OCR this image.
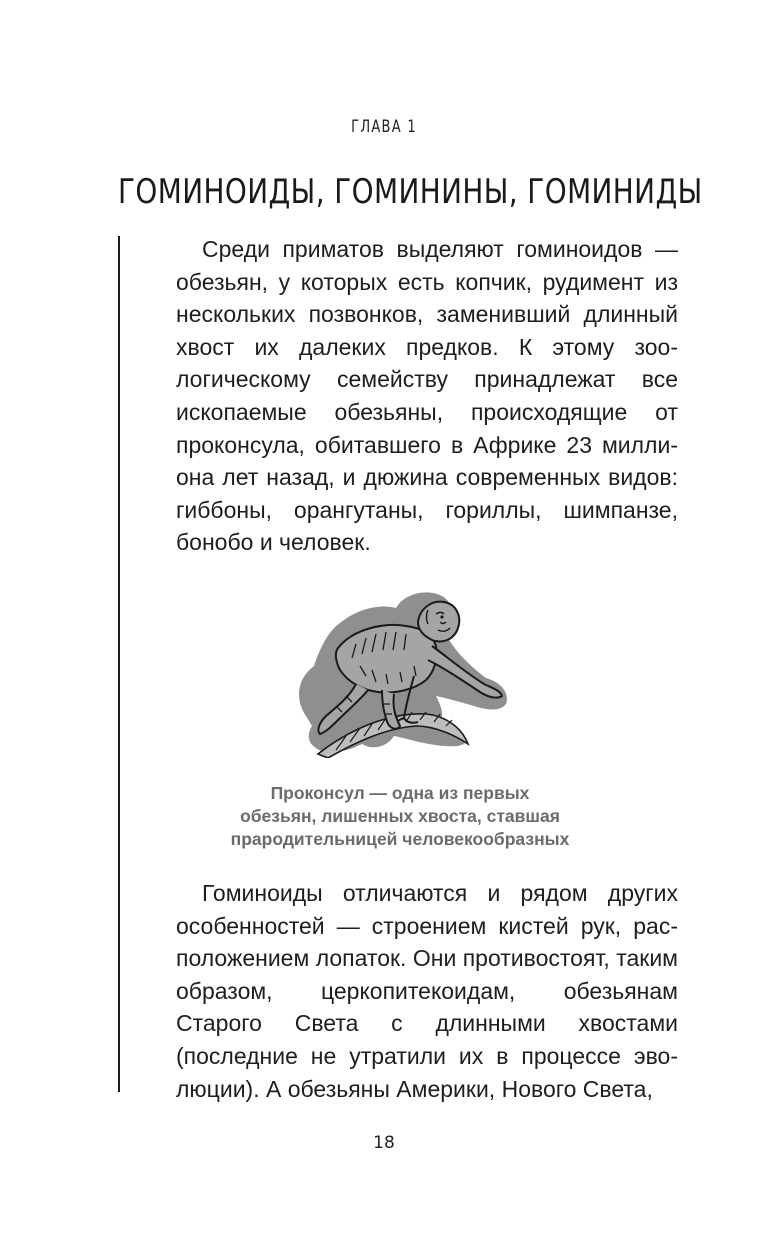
ГЛАВА 1
ГОМИНОИДЫ, ГОМИНИНЫ, ГОМИНИДЫ

Среди приматов выделяют гоминоидов — обезьян, у которых есть копчик, рудимент из нескольких позвонков, заменивший длинный хвост их далеких предков. К этому зоологическому семейству принадлежат все ископаемые обезьяны, происходящие от проконсула, обитавшего в Африке 23 миллиона лет назад, и дюжина современных видов: гиббоны, орангутаны, гориллы, шимпанзе, бонобо и человек.

Проконсул — одна из первых
обезьян, лишенных хвоста, ставшая
прародительницей человекообразных

Гоминоиды отличаются и рядом других особенностей — строением кистей рук, расположением лопаток. Они противостоят, таким образом, церкопитекоидам, обезьянам Старого Света с длинными хвостами (последние не утратили их в процессе эволюции). А обезьяны Америки, Нового Света,

18
